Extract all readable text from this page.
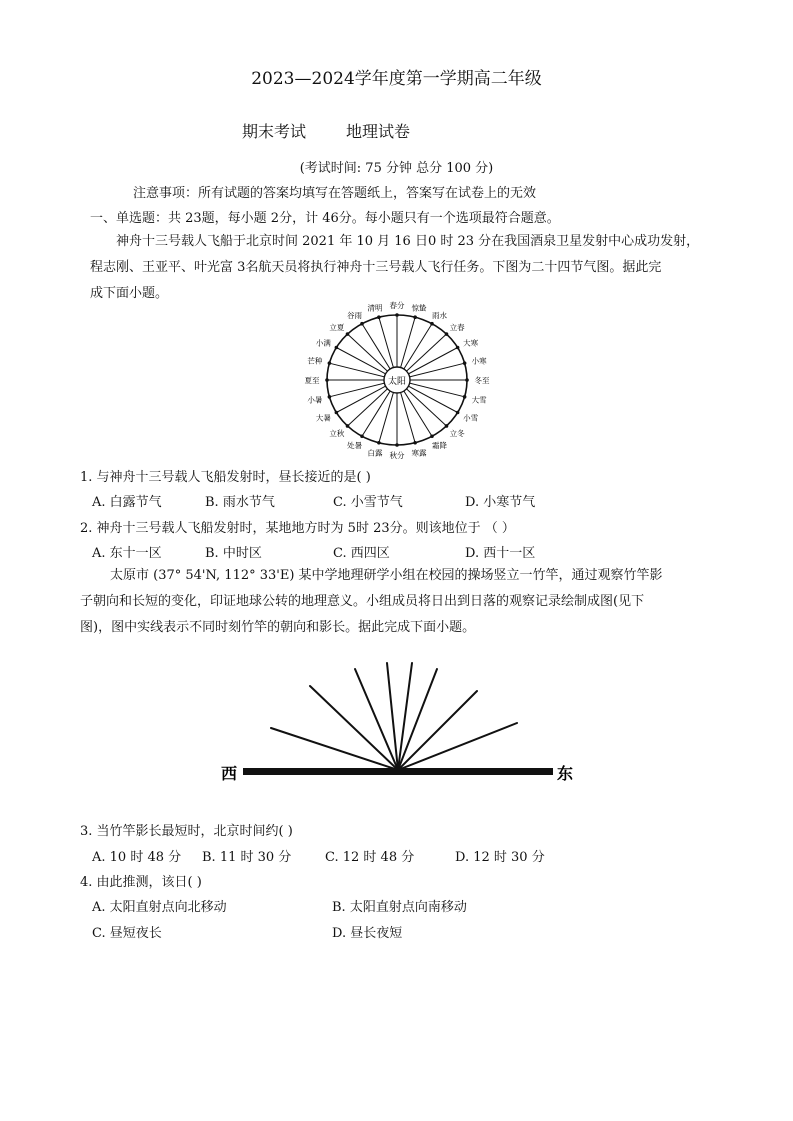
2023—2024学年度第一学期高二年级
期末考试	地理试卷
(考试时间: 75 分钟 总分 100 分)
注意事项：所有试题的答案均填写在答题纸上，答案写在试卷上的无效
一、单选题：共 23题，每小题 2分，计 46分。每小题只有一个选项最符合题意。
神舟十三号载人飞船于北京时间 2021 年 10 月 16 日0 时 23 分在我国酒泉卫星发射中心成功发射，
程志刚、王亚平、叶光富 3名航天员将执行神舟十三号载人飞行任务。下图为二十四节气图。据此完
成下面小题。
太阳
春分 惊蛰
雨水
立春
大寒
小寒
冬至
大雪
小雪
立冬
霜降
寒露
秋分
白露
处暑
立秋
大暑
小暑
夏至
芒种
小满
立夏
谷雨
清明
1. 与神舟十三号载人飞船发射时，昼长接近的是( )
A. 白露节气	B. 雨水节气	C. 小雪节气	D. 小寒节气
2. 神舟十三号载人飞船发射时，某地地方时为 5时 23分。则该地位于 （ ）
A. 东十一区	B. 中时区	C. 西四区	D. 西十一区
太原市 (37° 54'N, 112° 33'E) 某中学地理研学小组在校园的操场竖立一竹竿，通过观察竹竿影
子朝向和长短的变化，印证地球公转的地理意义。小组成员将日出到日落的观察记录绘制成图(见下
图)，图中实线表示不同时刻竹竿的朝向和影长。据此完成下面小题。
西	东
3. 当竹竿影长最短时，北京时间约( )
A. 10 时 48 分 B. 11 时 30 分	C. 12 时 48 分	D. 12 时 30 分
4. 由此推测，该日( )
A. 太阳直射点向北移动	B. 太阳直射点向南移动
C. 昼短夜长	D. 昼长夜短
